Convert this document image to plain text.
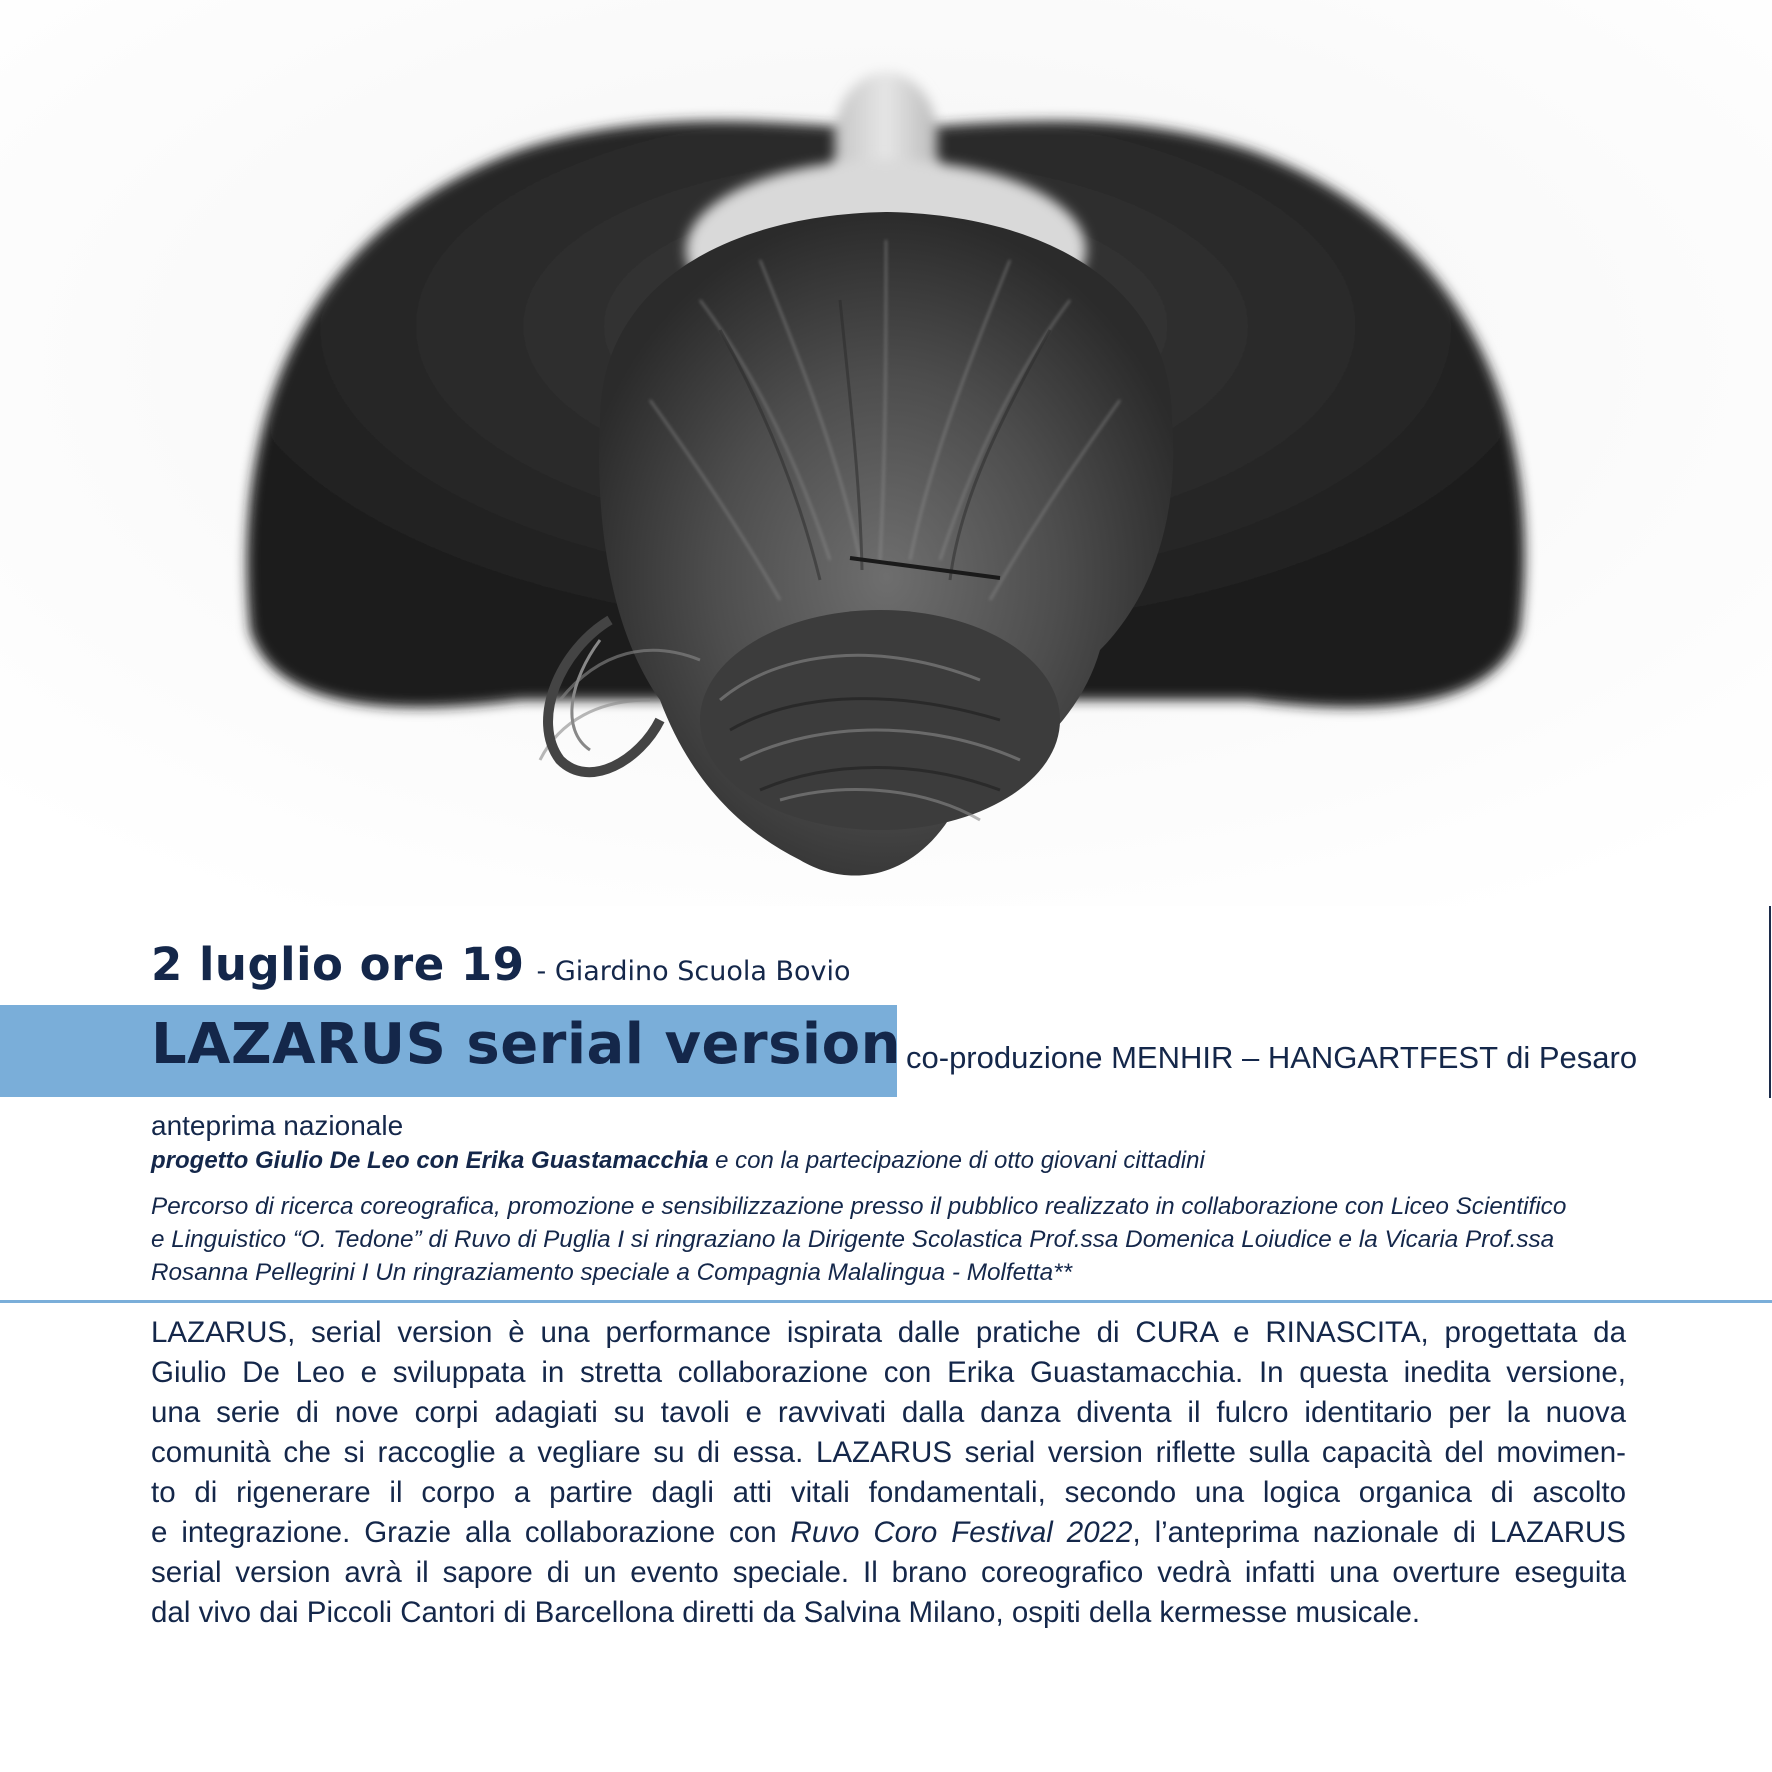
2 luglio ore 19 - Giardino Scuola Bovio
LAZARUS serial version co-produzione MENHIR – HANGARTFEST di Pesaro
anteprima nazionale
progetto Giulio De Leo con Erika Guastamacchia e con la partecipazione di otto giovani cittadini

Percorso di ricerca coreografica, promozione e sensibilizzazione presso il pubblico realizzato in collaborazione con Liceo Scientifico

e Linguistico “O. Tedone” di Ruvo di Puglia I si ringraziano la Dirigente Scolastica Prof.ssa Domenica Loiudice e la Vicaria Prof.ssa

Rosanna Pellegrini I Un ringraziamento speciale a Compagnia Malalingua - Molfetta**

LAZARUS, serial version è una performance ispirata dalle pratiche di CURA e RINASCITA, progettata da

Giulio De Leo e sviluppata in stretta collaborazione con Erika Guastamacchia. In questa inedita versione,

una serie di nove corpi adagiati su tavoli e ravvivati dalla danza diventa il fulcro identitario per la nuova

comunità che si raccoglie a vegliare su di essa. LAZARUS serial version riflette sulla capacità del movimen-

to di rigenerare il corpo a partire dagli atti vitali fondamentali, secondo una logica organica di ascolto

e integrazione. Grazie alla collaborazione con Ruvo Coro Festival 2022, l’anteprima nazionale di LAZARUS

serial version avrà il sapore di un evento speciale. Il brano coreografico vedrà infatti una overture eseguita

dal vivo dai Piccoli Cantori di Barcellona diretti da Salvina Milano, ospiti della kermesse musicale.
